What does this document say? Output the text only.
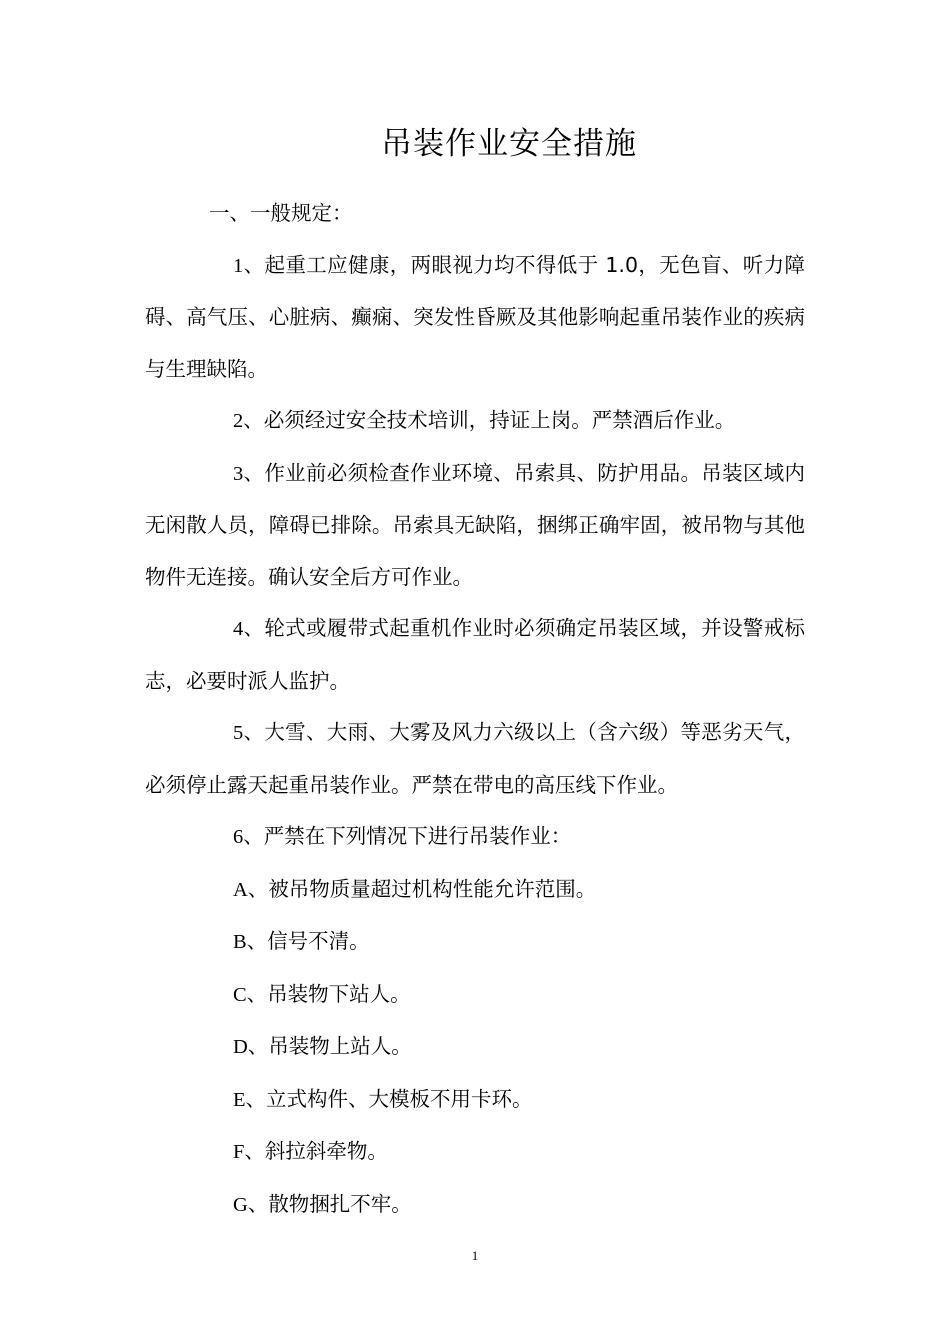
吊装作业安全措施

一、一般规定：

1、起重工应健康，两眼视力均不得低于 1.0，无色盲、听力障碍、高气压、心脏病、癫痫、突发性昏厥及其他影响起重吊装作业的疾病与生理缺陷。

2、必须经过安全技术培训，持证上岗。严禁酒后作业。

3、作业前必须检查作业环境、吊索具、防护用品。吊装区域内无闲散人员，障碍已排除。吊索具无缺陷，捆绑正确牢固，被吊物与其他物件无连接。确认安全后方可作业。

4、轮式或履带式起重机作业时必须确定吊装区域，并设警戒标志，必要时派人监护。

5、大雪、大雨、大雾及风力六级以上（含六级）等恶劣天气，必须停止露天起重吊装作业。严禁在带电的高压线下作业。

6、严禁在下列情况下进行吊装作业：

A、被吊物质量超过机构性能允许范围。

B、信号不清。

C、吊装物下站人。

D、吊装物上站人。

E、立式构件、大模板不用卡环。

F、斜拉斜牵物。

G、散物捆扎不牢。

1
